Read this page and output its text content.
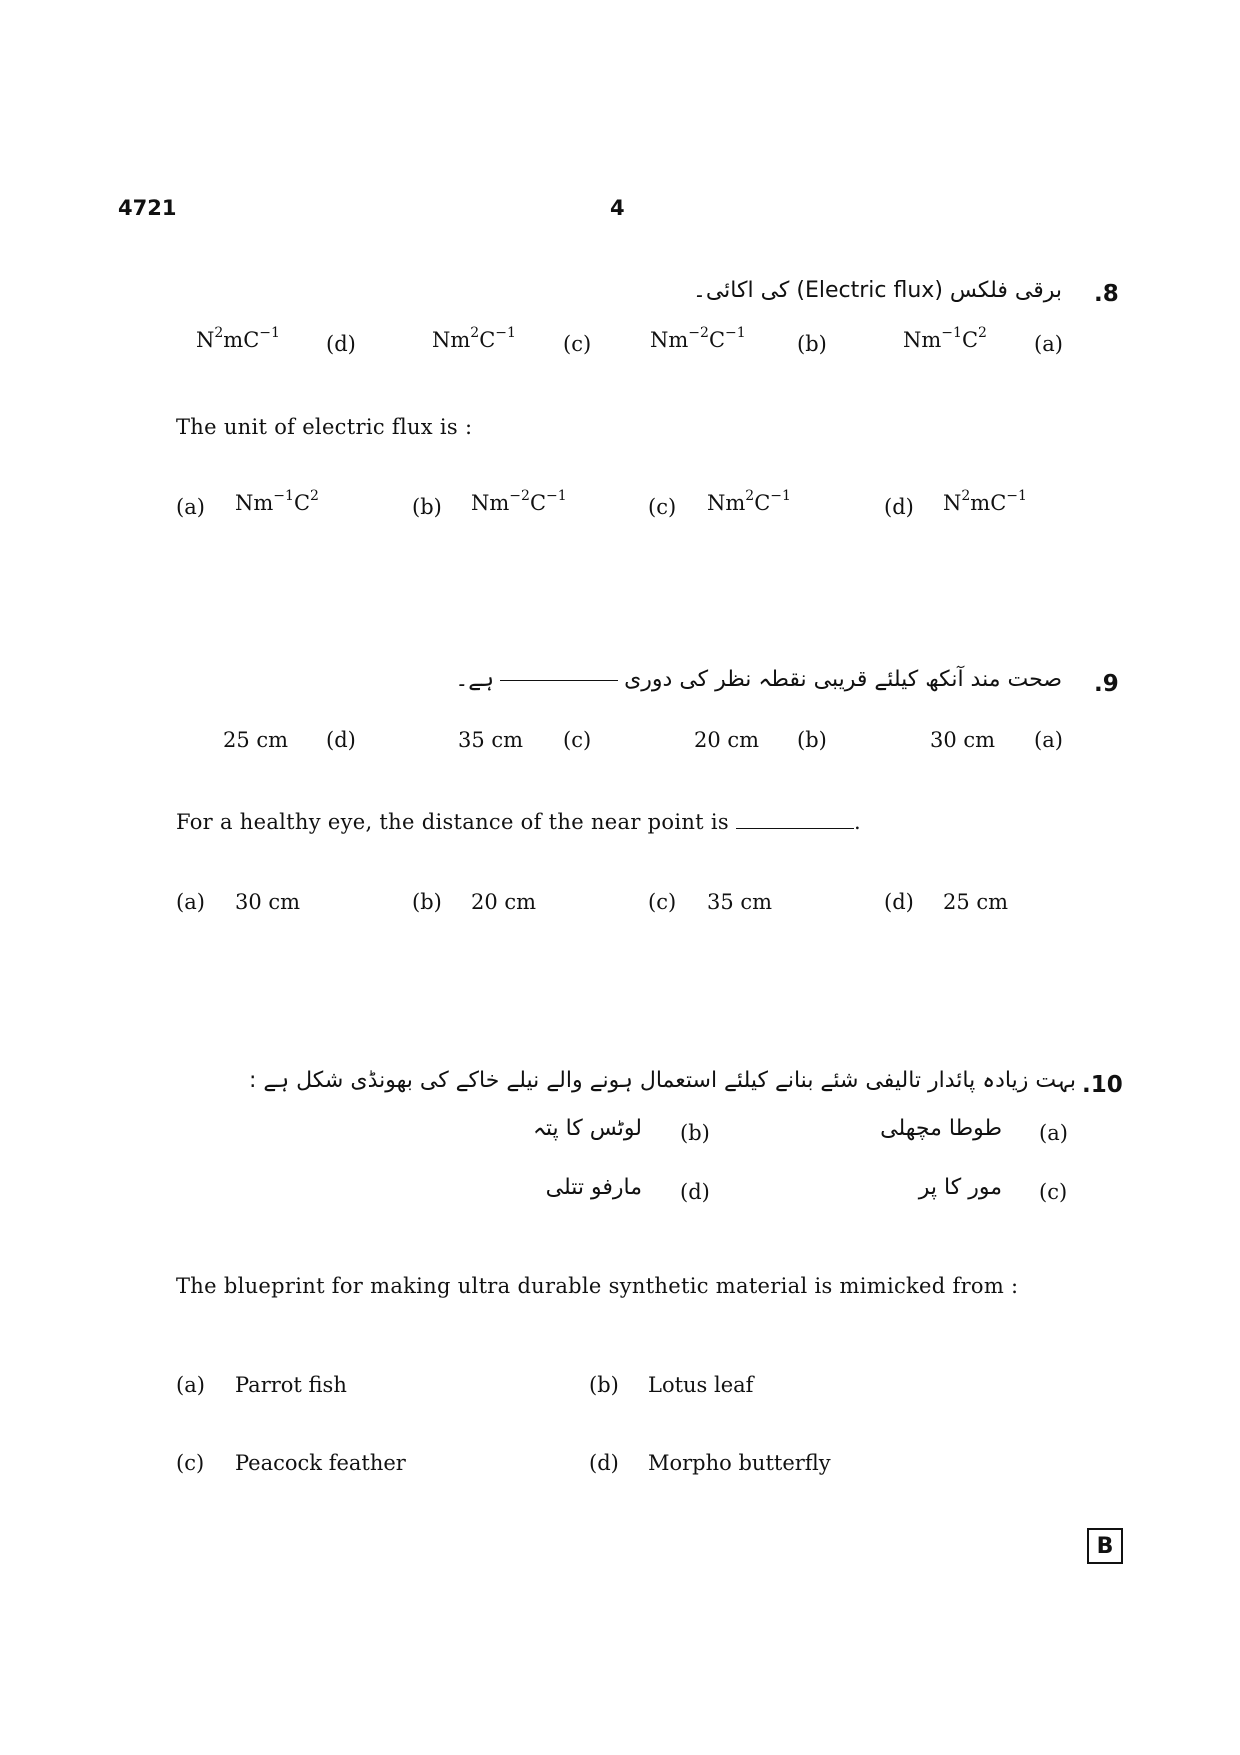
4721	4
.8
برقی فلکس (Electric flux) کی اکائی۔
(a)
$Nm^{-1}C^2$
(b)
$Nm^{-2}C^{-1}$
(c)
$Nm^2C^{-1}$
(d)
$N^2mC^{-1}$
The unit of electric flux is :
(a) $Nm^{-1}C^2$	(b) $Nm^{-2}C^{-1}$	(c) $Nm^2C^{-1}$	(d) $N^2mC^{-1}$
.9
صحت مند آنکھ کیلئے قریبی نقطہ نظر کی دوریہے۔
(a)
30 cm
(b)
20 cm
(c)
35 cm
(d)
25 cm
For a healthy eye, the distance of the near point is	.
(a) 30 cm	(b) 20 cm	(c) 35 cm	(d) 25 cm
.10
بہت زیادہ پائدار تالیفی شئے بنانے کیلئے استعمال ہونے والے نیلے خاکے کی بھونڈی شکل ہے :
(a)
طوطا مچھلی
(b)
لوٹس کا پتہ
(c)
مور کا پر
(d)
مارفو تتلی
The blueprint for making ultra durable synthetic material is mimicked from :
(a) Parrot fish	(b) Lotus leaf
(c) Peacock feather	(d) Morpho butterfly
B
